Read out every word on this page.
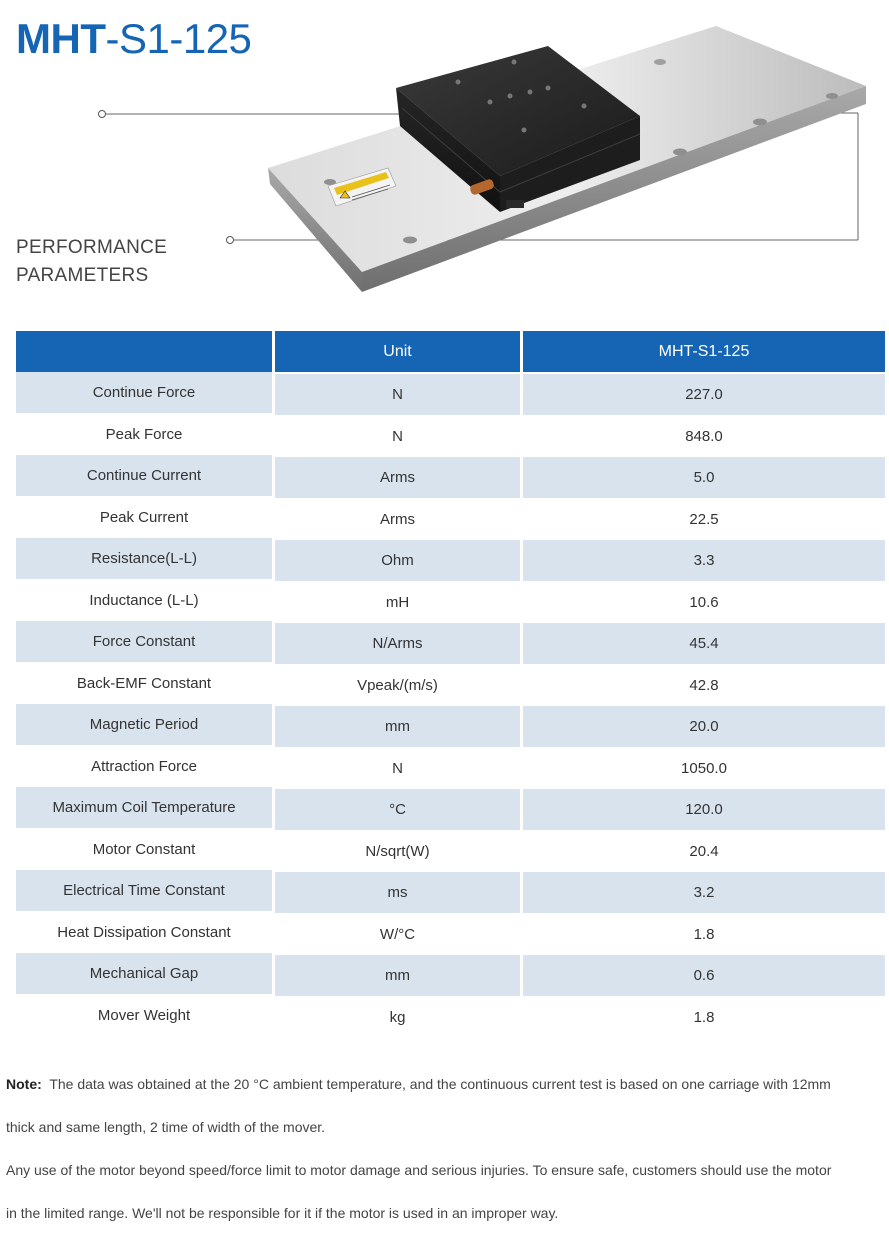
MHT-S1-125
PERFORMANCE
PARAMETERS
	Unit	MHT-S1-125
Continue Force	N	227.0
Peak Force	N	848.0
Continue Current	Arms	5.0
Peak Current	Arms	22.5
Resistance(L-L)	Ohm	3.3
Inductance (L-L)	mH	10.6
Force Constant	N/Arms	45.4
Back-EMF Constant	Vpeak/(m/s)	42.8
Magnetic Period	mm	20.0
Attraction Force	N	1050.0
Maximum Coil Temperature	°C	120.0
Motor Constant	N/sqrt(W)	20.4
Electrical Time Constant	ms	3.2
Heat Dissipation Constant	W/°C	1.8
Mechanical Gap	mm	0.6
Mover Weight	kg	1.8

Note: The data was obtained at the 20 °C ambient temperature, and the continuous current test is based on one carriage with 12mm

thick and same length, 2 time of width of the mover.

Any use of the motor beyond speed/force limit to motor damage and serious injuries. To ensure safe, customers should use the motor

in the limited range. We'll not be responsible for it if the motor is used in an improper way.
